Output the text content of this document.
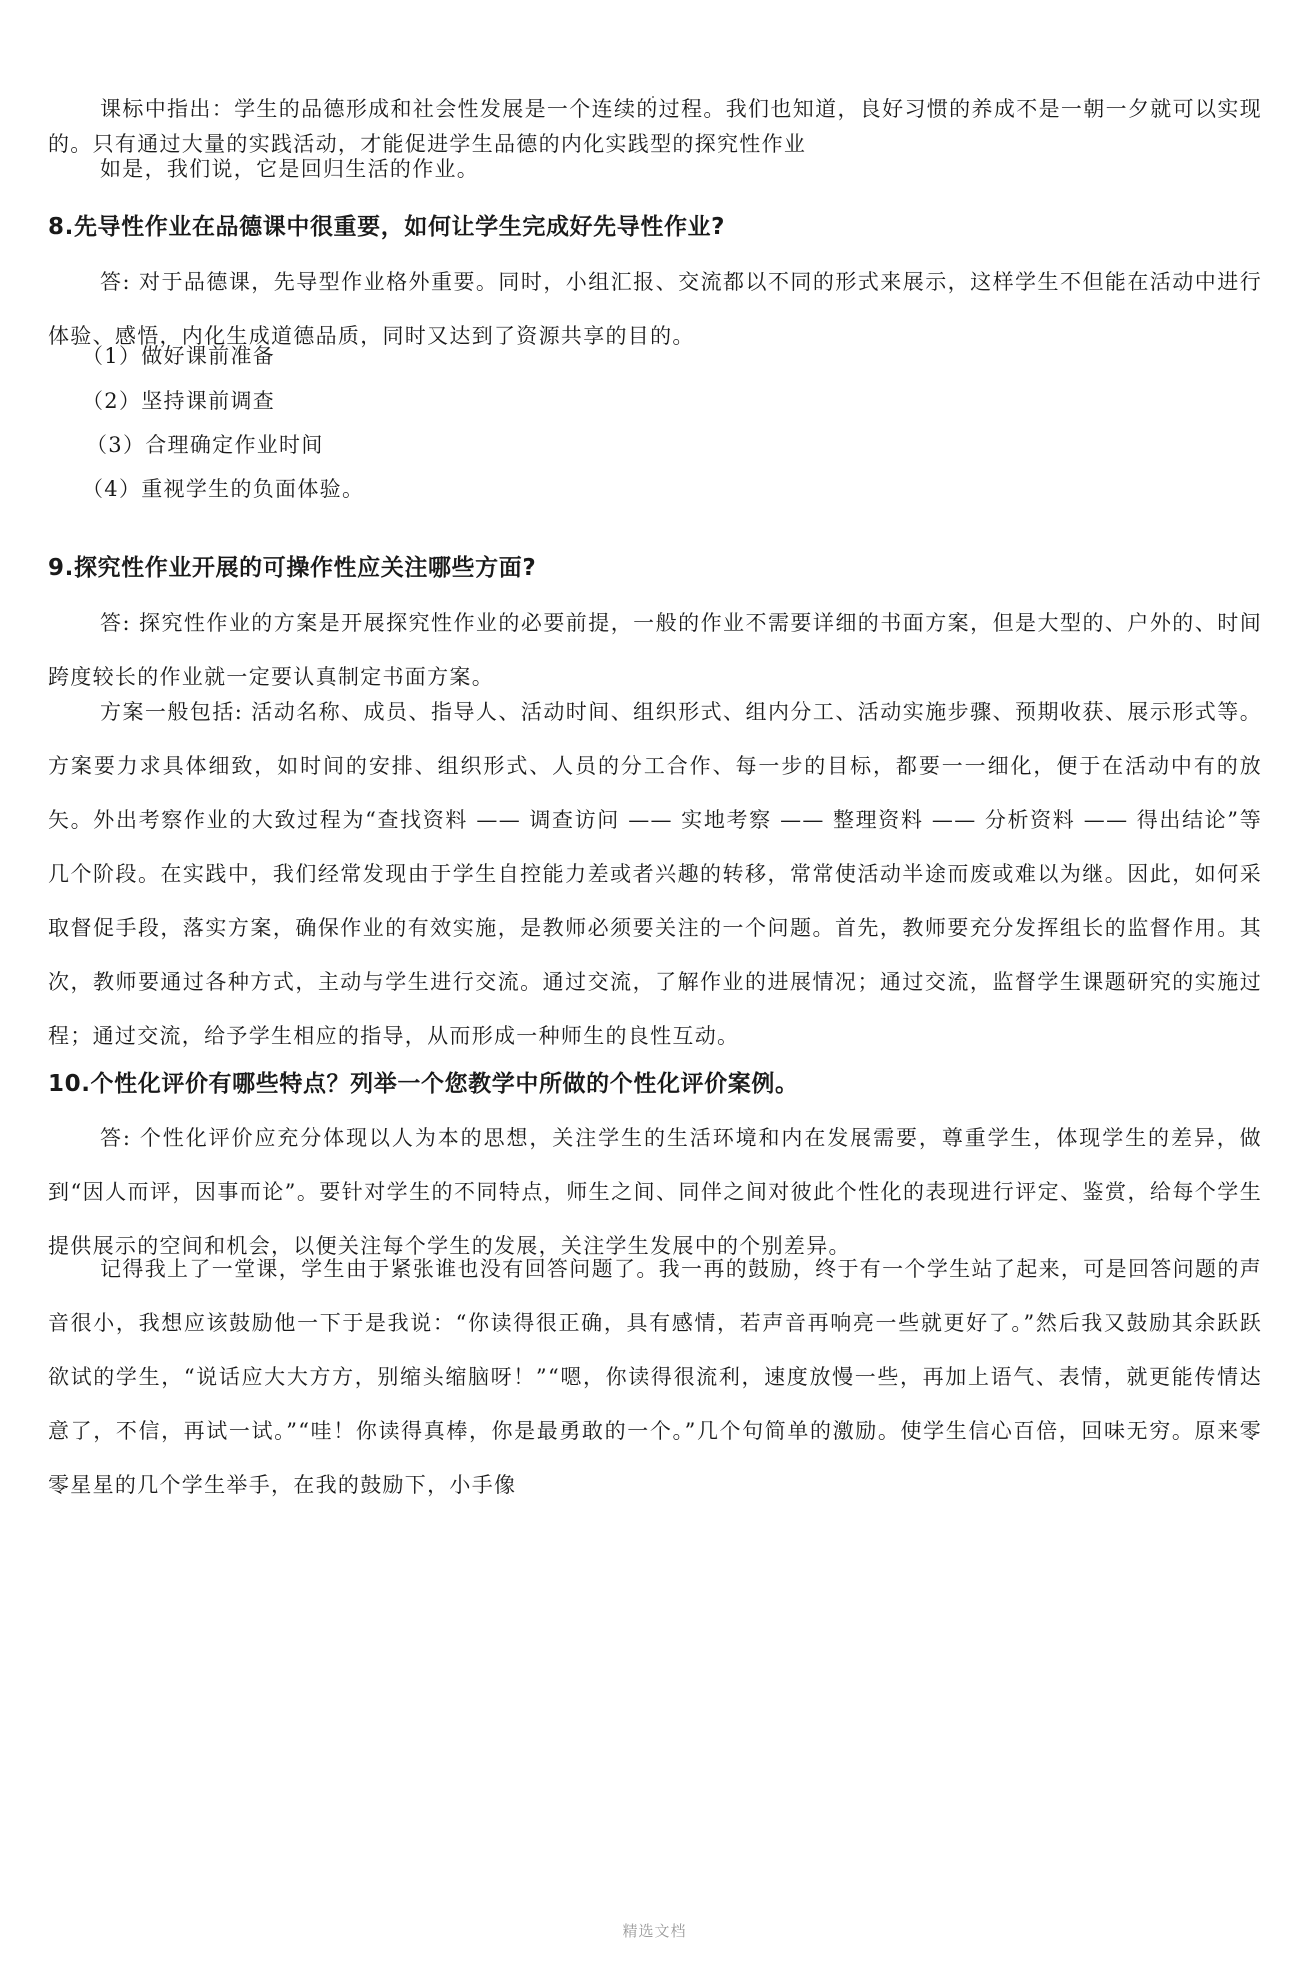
课标中指出：学生的品德形成和社会性发展是一个连续的过程。我们也知道，良好习惯的养成不是一朝一夕就可以实现的。只有通过大量的实践活动，才能促进学生品德的内化实践型的探究性作业

如是，我们说，它是回归生活的作业。

8.先导性作业在品德课中很重要，如何让学生完成好先导性作业?

答: 对于品德课，先导型作业格外重要。同时，小组汇报、交流都以不同的形式来展示，这样学生不但能在活动中进行体验、感悟，内化生成道德品质，同时又达到了资源共享的目的。

（1）做好课前准备

（2）坚持课前调查

（3）合理确定作业时间

（4）重视学生的负面体验。

9.探究性作业开展的可操作性应关注哪些方面?

答: 探究性作业的方案是开展探究性作业的必要前提，一般的作业不需要详细的书面方案，但是大型的、户外的、时间跨度较长的作业就一定要认真制定书面方案。

方案一般包括: 活动名称、成员、指导人、活动时间、组织形式、组内分工、活动实施步骤、预期收获、展示形式等。方案要力求具体细致，如时间的安排、组织形式、人员的分工合作、每一步的目标，都要一一细化，便于在活动中有的放矢。外出考察作业的大致过程为“查找资料 —— 调查访问 —— 实地考察 —— 整理资料 —— 分析资料 —— 得出结论”等几个阶段。在实践中，我们经常发现由于学生自控能力差或者兴趣的转移，常常使活动半途而废或难以为继。因此，如何采取督促手段，落实方案，确保作业的有效实施，是教师必须要关注的一个问题。首先，教师要充分发挥组长的监督作用。其次，教师要通过各种方式，主动与学生进行交流。通过交流，了解作业的进展情况；通过交流，监督学生课题研究的实施过程；通过交流，给予学生相应的指导，从而形成一种师生的良性互动。

10.个性化评价有哪些特点？列举一个您教学中所做的个性化评价案例。

答: 个性化评价应充分体现以人为本的思想，关注学生的生活环境和内在发展需要，尊重学生，体现学生的差异，做到“因人而评，因事而论”。要针对学生的不同特点，师生之间、同伴之间对彼此个性化的表现进行评定、鉴赏，给每个学生提供展示的空间和机会，以便关注每个学生的发展，关注学生发展中的个别差异。

记得我上了一堂课，学生由于紧张谁也没有回答问题了。我一再的鼓励，终于有一个学生站了起来，可是回答问题的声音很小，我想应该鼓励他一下于是我说：“你读得很正确，具有感情，若声音再响亮一些就更好了。”然后我又鼓励其余跃跃欲试的学生，“说话应大大方方，别缩头缩脑呀！”“嗯，你读得很流利，速度放慢一些，再加上语气、表情，就更能传情达意了，不信，再试一试。”“哇！你读得真棒，你是最勇敢的一个。”几个句简单的激励。使学生信心百倍，回味无穷。原来零零星星的几个学生举手，在我的鼓励下，小手像

精选文档
